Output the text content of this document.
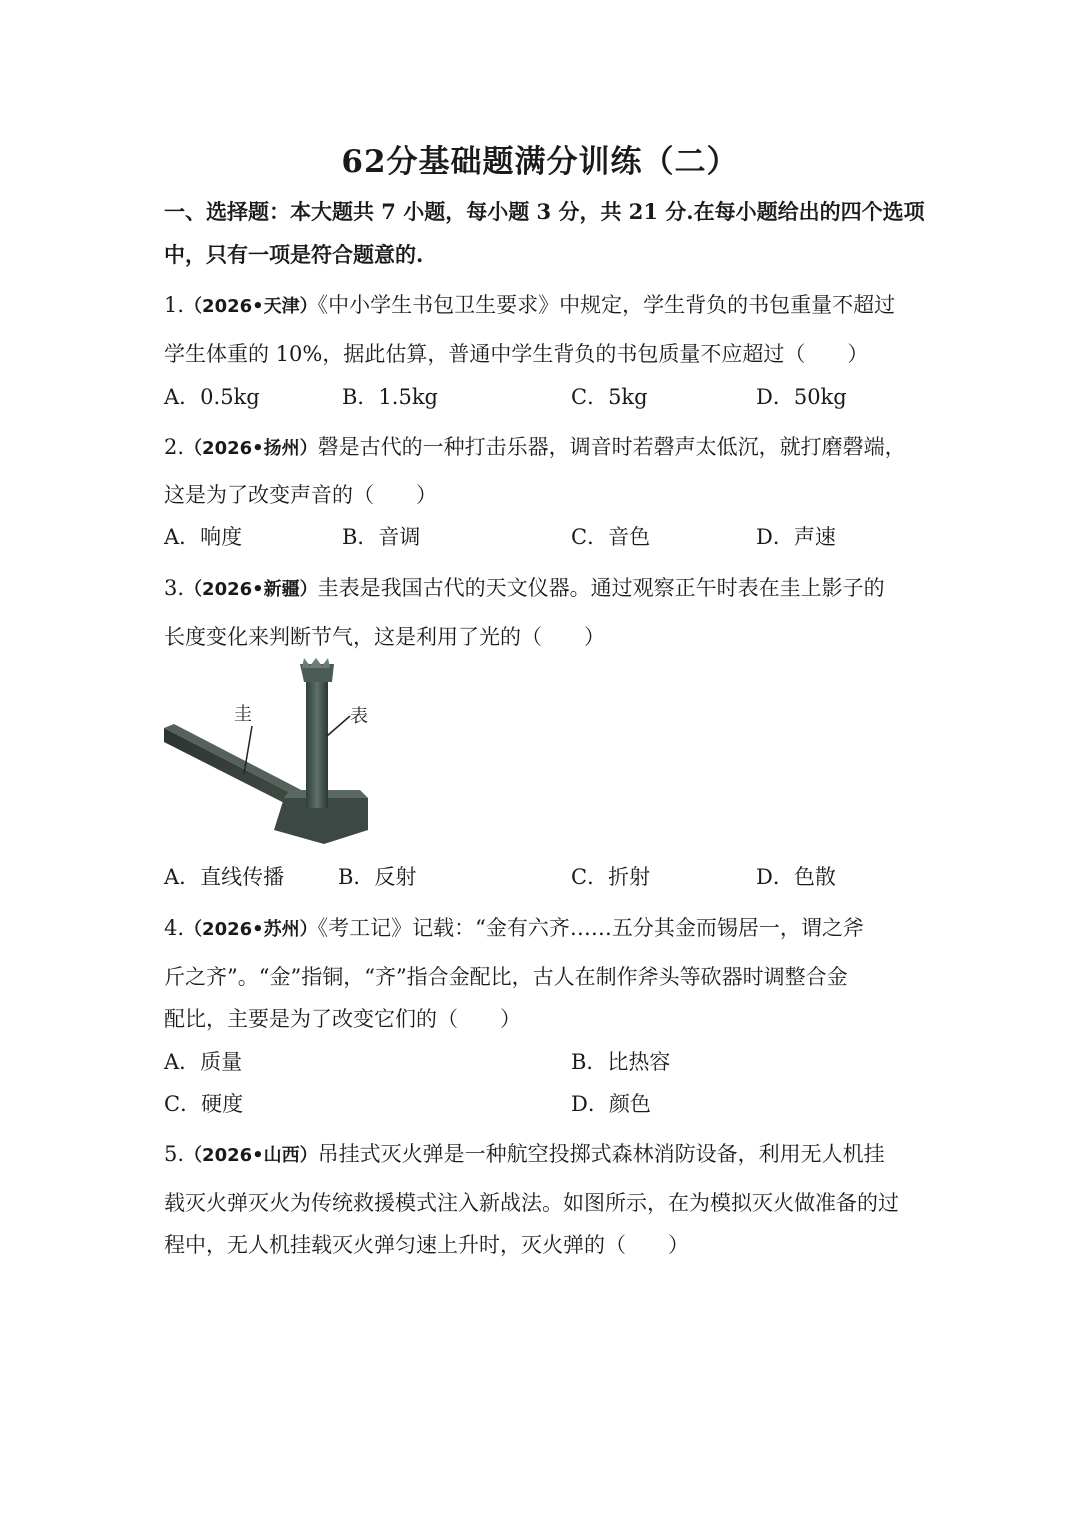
62分基础题满分训练（二）
一、选择题：本大题共 7 小题，每小题 3 分，共 21 分.在每小题给出的四个选项
中，只有一项是符合题意的.
1.（2026•天津）《中小学生书包卫生要求》中规定，学生背负的书包重量不超过
学生体重的 10%，据此估算，普通中学生背负的书包质量不应超过（　　）
A．0.5kg	B．1.5kg	C．5kg	D．50kg
2.（2026•扬州）磬是古代的一种打击乐器，调音时若磬声太低沉，就打磨磬端，
这是为了改变声音的（　　）
A．响度	B．音调	C．音色	D．声速
3.（2026•新疆）圭表是我国古代的天文仪器。通过观察正午时表在圭上影子的
长度变化来判断节气，这是利用了光的（　　）
圭	表
A．直线传播	B．反射	C．折射	D．色散
4.（2026•苏州）《考工记》记载：“金有六齐……五分其金而锡居一，谓之斧
斤之齐”。“金”指铜，“齐”指合金配比，古人在制作斧头等砍器时调整合金
配比，主要是为了改变它们的（　　）
A．质量	B．比热容
C．硬度	D．颜色
5.（2026•山西）吊挂式灭火弹是一种航空投掷式森林消防设备，利用无人机挂
载灭火弹灭火为传统救援模式注入新战法。如图所示，在为模拟灭火做准备的过
程中，无人机挂载灭火弹匀速上升时，灭火弹的（　　）
